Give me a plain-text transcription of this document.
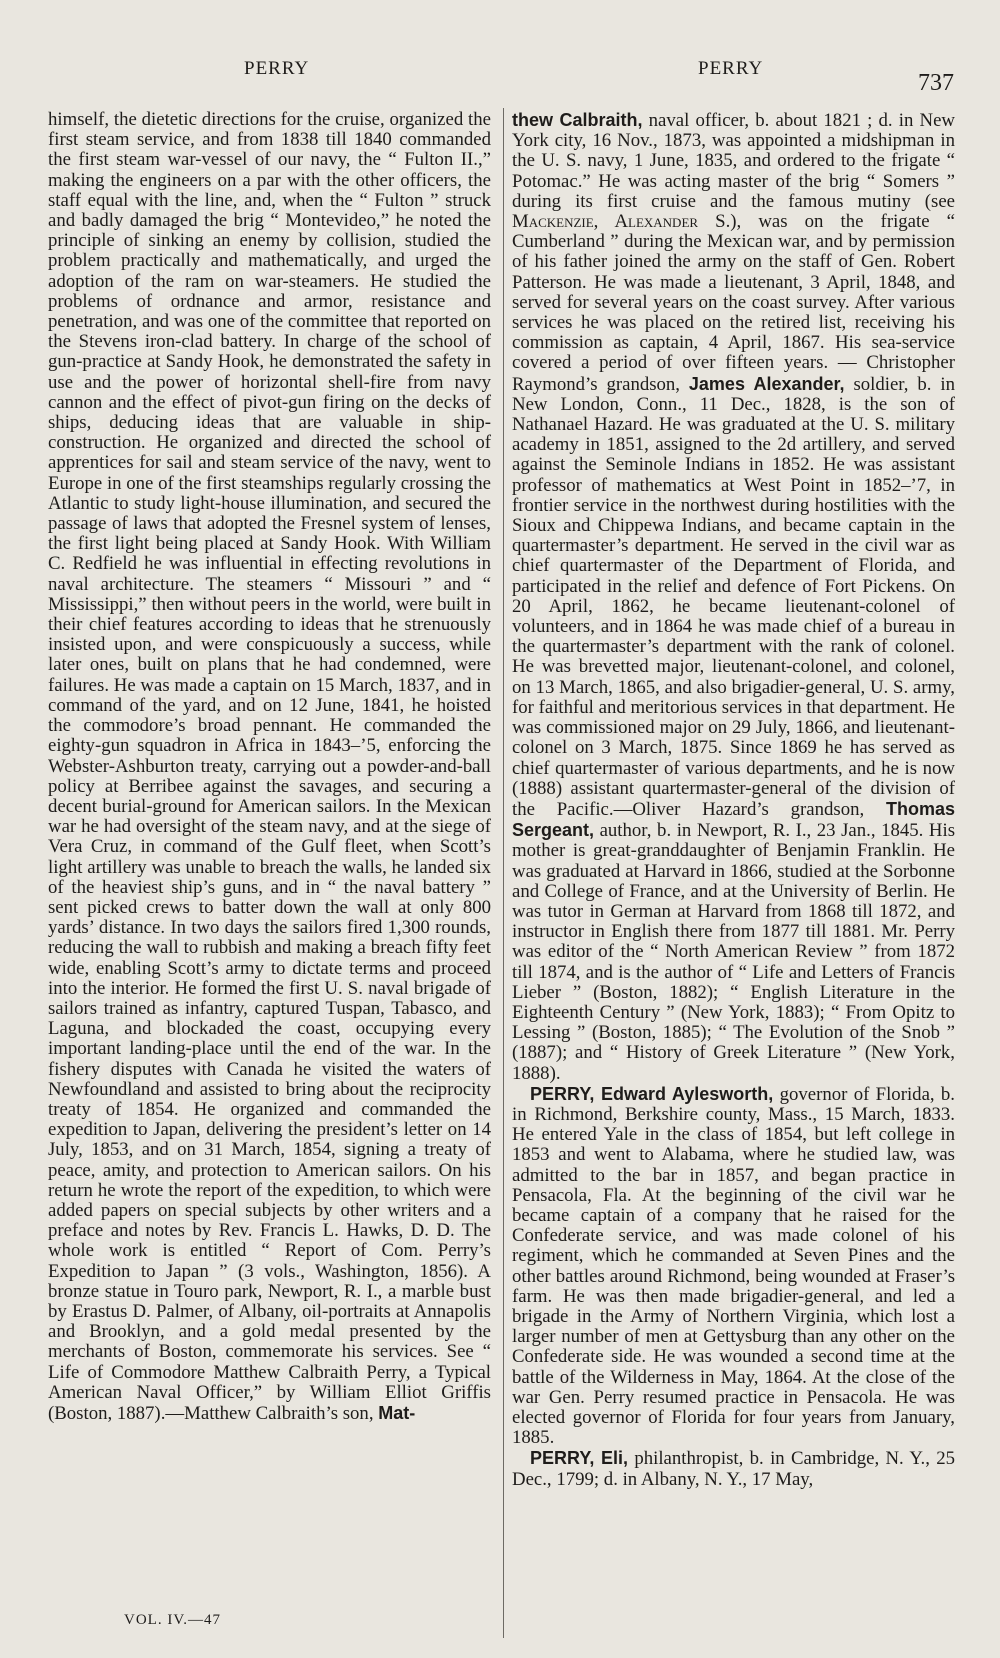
PERRY	PERRY
737

himself, the dietetic directions for the cruise, organized the first steam service, and from 1838 till 1840 commanded the first steam war-vessel of our navy, the “ Fulton II.,” making the engineers on a par with the other officers, the staff equal with the line, and, when the “ Fulton ” struck and badly damaged the brig “ Montevideo,” he noted the principle of sinking an enemy by collision, studied the problem practically and mathematically, and urged the adoption of the ram on war-steamers. He studied the problems of ordnance and armor, resistance and penetration, and was one of the committee that reported on the Stevens iron-clad battery. In charge of the school of gun-practice at Sandy Hook, he demonstrated the safety in use and the power of horizontal shell-fire from navy cannon and the effect of pivot-gun firing on the decks of ships, deducing ideas that are valuable in ship-construction. He organized and directed the school of apprentices for sail and steam service of the navy, went to Europe in one of the first steamships regularly crossing the Atlantic to study light-house illumination, and secured the passage of laws that adopted the Fresnel system of lenses, the first light being placed at Sandy Hook. With William C. Redfield he was influential in effecting revolutions in naval architecture. The steamers “ Missouri ” and “ Mississippi,” then without peers in the world, were built in their chief features according to ideas that he strenuously insisted upon, and were conspicuously a success, while later ones, built on plans that he had condemned, were failures. He was made a captain on 15 March, 1837, and in command of the yard, and on 12 June, 1841, he hoisted the commodore’s broad pennant. He commanded the eighty-gun squadron in Africa in 1843–’5, enforcing the Webster-Ashburton treaty, carrying out a powder-and-ball policy at Berribee against the savages, and securing a decent burial-ground for American sailors. In the Mexican war he had oversight of the steam navy, and at the siege of Vera Cruz, in command of the Gulf fleet, when Scott’s light artillery was unable to breach the walls, he landed six of the heaviest ship’s guns, and in “ the naval battery ” sent picked crews to batter down the wall at only 800 yards’ distance. In two days the sailors fired 1,300 rounds, reducing the wall to rubbish and making a breach fifty feet wide, enabling Scott’s army to dictate terms and proceed into the interior. He formed the first U. S. naval brigade of sailors trained as infantry, captured Tuspan, Tabasco, and Laguna, and blockaded the coast, occupying every important landing-place until the end of the war. In the fishery disputes with Canada he visited the waters of Newfoundland and assisted to bring about the reciprocity treaty of 1854. He organized and commanded the expedition to Japan, delivering the president’s letter on 14 July, 1853, and on 31 March, 1854, signing a treaty of peace, amity, and protection to American sailors. On his return he wrote the report of the expedition, to which were added papers on special subjects by other writers and a preface and notes by Rev. Francis L. Hawks, D. D. The whole work is entitled “ Report of Com. Perry’s Expedition to Japan ” (3 vols., Washington, 1856). A bronze statue in Touro park, Newport, R. I., a marble bust by Erastus D. Palmer, of Albany, oil-portraits at Annapolis and Brooklyn, and a gold medal presented by the merchants of Boston, commemorate his services. See “ Life of Commodore Matthew Calbraith Perry, a Typical American Naval Officer,” by William Elliot Griffis (Boston, 1887).—Matthew Calbraith’s son, Mat-

thew Calbraith, naval officer, b. about 1821 ; d. in New York city, 16 Nov., 1873, was appointed a midshipman in the U. S. navy, 1 June, 1835, and ordered to the frigate “ Potomac.” He was acting master of the brig “ Somers ” during its first cruise and the famous mutiny (see Mackenzie, Alexander S.), was on the frigate “ Cumberland ” during the Mexican war, and by permission of his father joined the army on the staff of Gen. Robert Patterson. He was made a lieutenant, 3 April, 1848, and served for several years on the coast survey. After various services he was placed on the retired list, receiving his commission as captain, 4 April, 1867. His sea-service covered a period of over fifteen years. — Christopher Raymond’s grandson, James Alexander, soldier, b. in New London, Conn., 11 Dec., 1828, is the son of Nathanael Hazard. He was graduated at the U. S. military academy in 1851, assigned to the 2d artillery, and served against the Seminole Indians in 1852. He was assistant professor of mathematics at West Point in 1852–’7, in frontier service in the northwest during hostilities with the Sioux and Chippewa Indians, and became captain in the quartermaster’s department. He served in the civil war as chief quartermaster of the Department of Florida, and participated in the relief and defence of Fort Pickens. On 20 April, 1862, he became lieutenant-colonel of volunteers, and in 1864 he was made chief of a bureau in the quartermaster’s department with the rank of colonel. He was brevetted major, lieutenant-colonel, and colonel, on 13 March, 1865, and also brigadier-general, U. S. army, for faithful and meritorious services in that department. He was commissioned major on 29 July, 1866, and lieutenant-colonel on 3 March, 1875. Since 1869 he has served as chief quartermaster of various departments, and he is now (1888) assistant quartermaster-general of the division of the Pacific.—Oliver Hazard’s grandson, Thomas Sergeant, author, b. in Newport, R. I., 23 Jan., 1845. His mother is great-granddaughter of Benjamin Franklin. He was graduated at Harvard in 1866, studied at the Sorbonne and College of France, and at the University of Berlin. He was tutor in German at Harvard from 1868 till 1872, and instructor in English there from 1877 till 1881. Mr. Perry was editor of the “ North American Review ” from 1872 till 1874, and is the author of “ Life and Letters of Francis Lieber ” (Boston, 1882); “ English Literature in the Eighteenth Century ” (New York, 1883); “ From Opitz to Lessing ” (Boston, 1885); “ The Evolution of the Snob ” (1887); and “ History of Greek Literature ” (New York, 1888).

PERRY, Edward Aylesworth, governor of Florida, b. in Richmond, Berkshire county, Mass., 15 March, 1833. He entered Yale in the class of 1854, but left college in 1853 and went to Alabama, where he studied law, was admitted to the bar in 1857, and began practice in Pensacola, Fla. At the beginning of the civil war he became captain of a company that he raised for the Confederate service, and was made colonel of his regiment, which he commanded at Seven Pines and the other battles around Richmond, being wounded at Fraser’s farm. He was then made brigadier-general, and led a brigade in the Army of Northern Virginia, which lost a larger number of men at Gettysburg than any other on the Confederate side. He was wounded a second time at the battle of the Wilderness in May, 1864. At the close of the war Gen. Perry resumed practice in Pensacola. He was elected governor of Florida for four years from January, 1885.

PERRY, Eli, philanthropist, b. in Cambridge, N. Y., 25 Dec., 1799; d. in Albany, N. Y., 17 May,

VOL. IV.—47
